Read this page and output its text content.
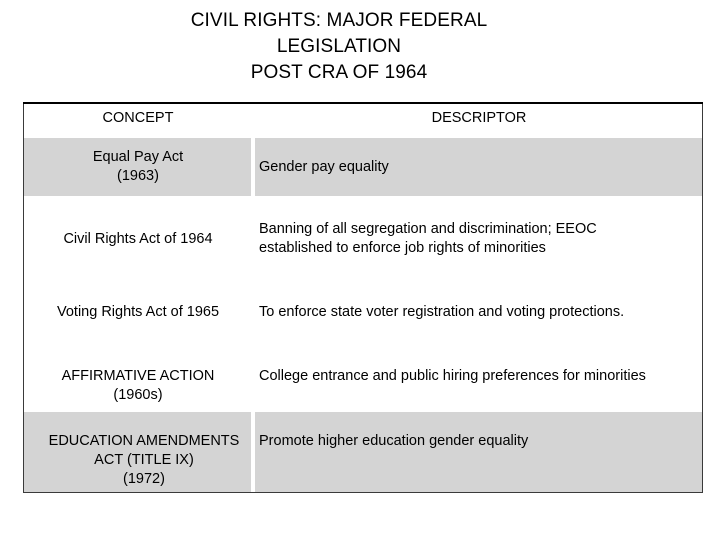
CIVIL RIGHTS: MAJOR FEDERAL
LEGISLATION
POST CRA OF 1964
CONCEPT	DESCRIPTOR
Equal Pay Act
(1963)
Gender pay equality
Civil Rights Act of 1964
Banning of all segregation and discrimination; EEOC
established to enforce job rights of minorities
Voting Rights Act of 1965	To enforce state voter registration and voting protections.
AFFIRMATIVE ACTION
(1960s)
College entrance and public hiring preferences for minorities
EDUCATION AMENDMENTS
ACT (TITLE IX)
(1972)
Promote higher education gender equality
